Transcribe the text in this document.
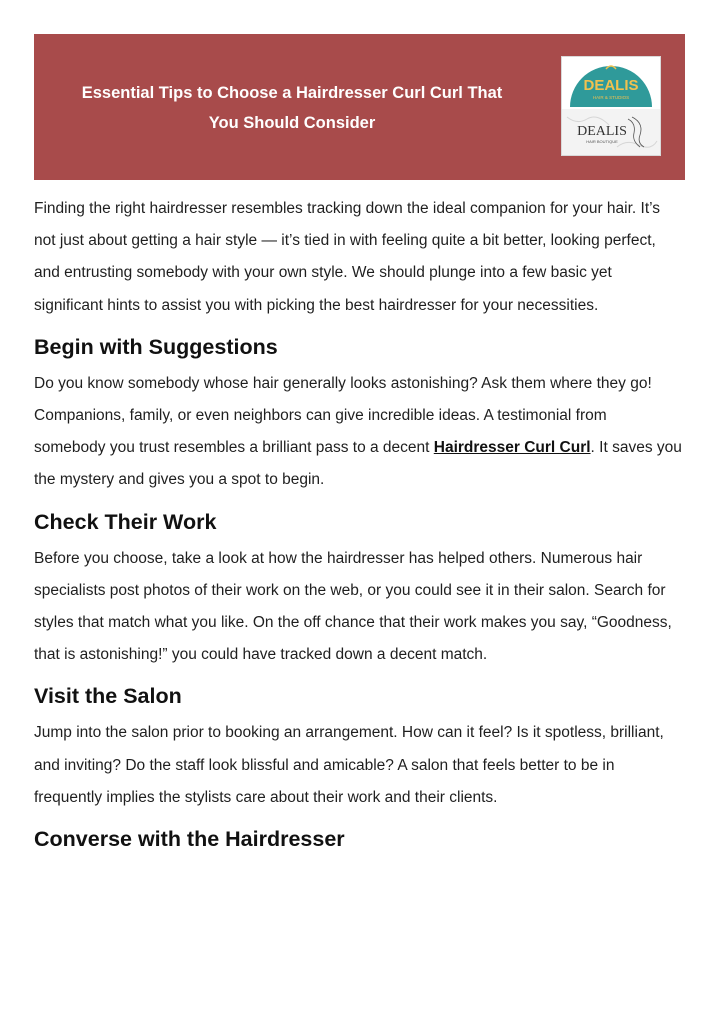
Essential Tips to Choose a Hairdresser Curl Curl That
You Should Consider
DEALIS
HAIR & STUDIOS
DEALIS
HAIR BOUTIQUE

Finding the right hairdresser resembles tracking down the ideal companion for your hair. It’s not just about getting a hair style — it’s tied in with feeling quite a bit better, looking perfect, and entrusting somebody with your own style. We should plunge into a few basic yet significant hints to assist you with picking the best hairdresser for your necessities.

Begin with Suggestions

Do you know somebody whose hair generally looks astonishing? Ask them where they go! Companions, family, or even neighbors can give incredible ideas. A testimonial from somebody you trust resembles a brilliant pass to a decent Hairdresser Curl Curl. It saves you the mystery and gives you a spot to begin.

Check Their Work

Before you choose, take a look at how the hairdresser has helped others. Numerous hair specialists post photos of their work on the web, or you could see it in their salon. Search for styles that match what you like. On the off chance that their work makes you say, “Goodness, that is astonishing!” you could have tracked down a decent match.

Visit the Salon

Jump into the salon prior to booking an arrangement. How can it feel? Is it spotless, brilliant, and inviting? Do the staff look blissful and amicable? A salon that feels better to be in frequently implies the stylists care about their work and their clients.

Converse with the Hairdresser
